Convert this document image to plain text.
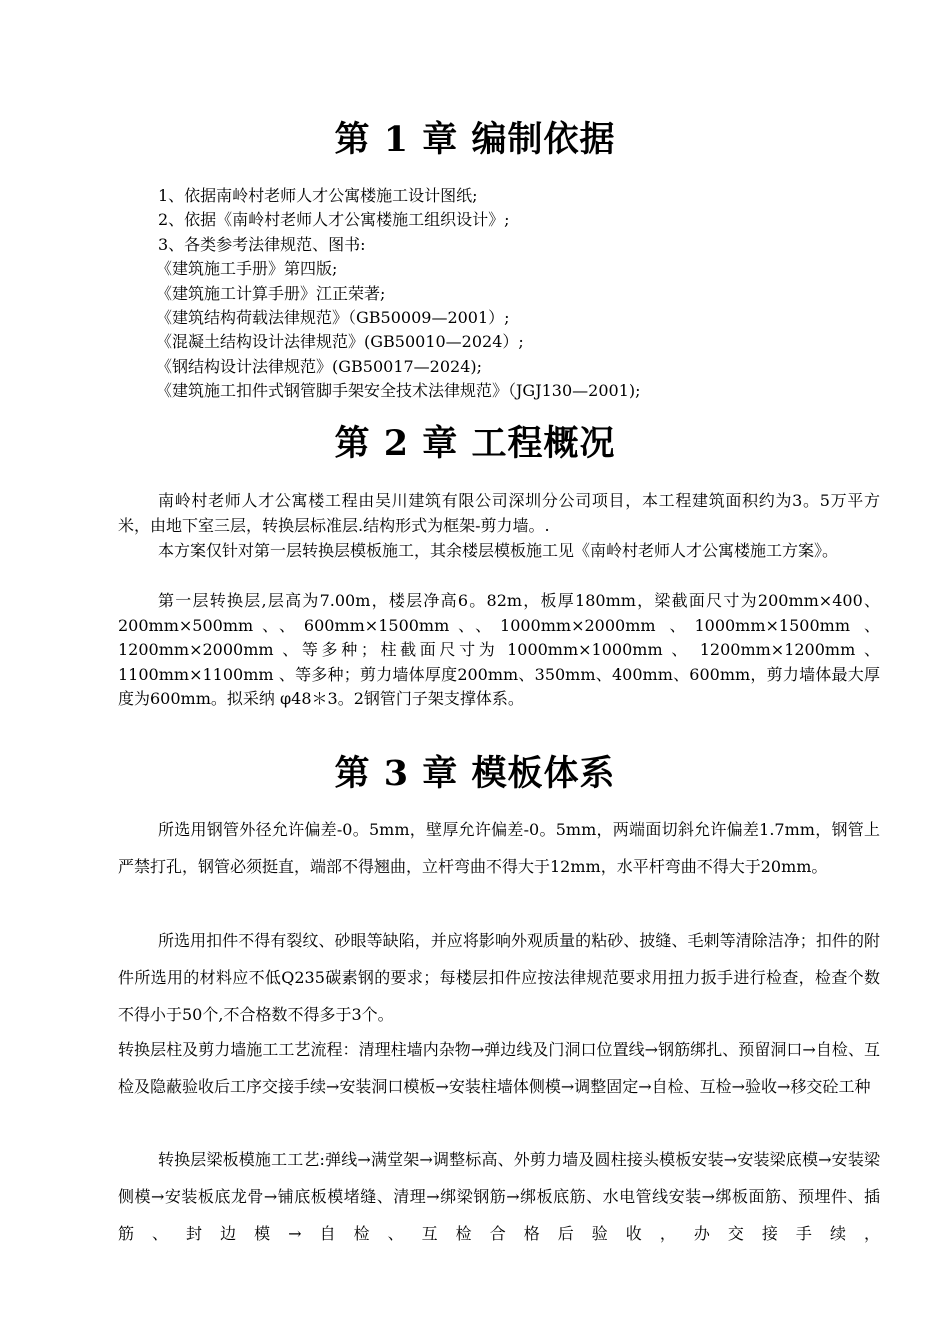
第 1 章 编制依据
1、依据南岭村老师人才公寓楼施工设计图纸;
2、依据《南岭村老师人才公寓楼施工组织设计》;
3、各类参考法律规范、图书:
《建筑施工手册》第四版;
《建筑施工计算手册》江正荣著;
《建筑结构荷载法律规范》（GB50009—2001）;
《混凝土结构设计法律规范》(GB50010—2024）;
《钢结构设计法律规范》(GB50017—2024);
《建筑施工扣件式钢管脚手架安全技术法律规范》（JGJ130—2001);
第 2 章 工程概况

南岭村老师人才公寓楼工程由吴川建筑有限公司深圳分公司项目，本工程建筑面积约为3。5万平方米，由地下室三层，转换层标准层.结构形式为框架-剪力墙。.

本方案仅针对第一层转换层模板施工，其余楼层模板施工见《南岭村老师人才公寓楼施工方案》。

第一层转换层,层高为7.00m，楼层净高6。82m，板厚180mm，梁截面尺寸为200mm×400、200mm×500mm、、600mm×1500mm、、1000mm×2000mm 、1000mm×1500mm 、1200mm×2000mm 、等多种；柱截面尺寸为 1000mm×1000mm 、 1200mm×1200mm 、 1100mm×1100mm 、等多种；剪力墙体厚度200mm、350mm、400mm、600mm，剪力墙体最大厚度为600mm。拟采纳 φ48＊3。2钢管门子架支撑体系。

第 3 章 模板体系

所选用钢管外径允许偏差-0。5mm，壁厚允许偏差-0。5mm，两端面切斜允许偏差1.7mm，钢管上严禁打孔，钢管必须挺直，端部不得翘曲，立杆弯曲不得大于12mm，水平杆弯曲不得大于20mm。

所选用扣件不得有裂纹、砂眼等缺陷，并应将影响外观质量的粘砂、披缝、毛刺等清除洁净；扣件的附件所选用的材料应不低Q235碳素钢的要求；每楼层扣件应按法律规范要求用扭力扳手进行检查，检查个数不得小于50个,不合格数不得多于3个。

转换层柱及剪力墙施工工艺流程：清理柱墙内杂物→弹边线及门洞口位置线→钢筋绑扎、预留洞口→自检、互检及隐蔽验收后工序交接手续→安装洞口模板→安装柱墙体侧模→调整固定→自检、互检→验收→移交砼工种

转换层梁板模施工工艺:弹线→满堂架→调整标高、外剪力墙及圆柱接头模板安装→安装梁底模→安装梁侧模→安装板底龙骨→铺底板模堵缝、清理→绑梁钢筋→绑板底筋、水电管线安装→绑板面筋、预埋件、插筋、封边模→自检、互检合格后验收，办交接手续，
